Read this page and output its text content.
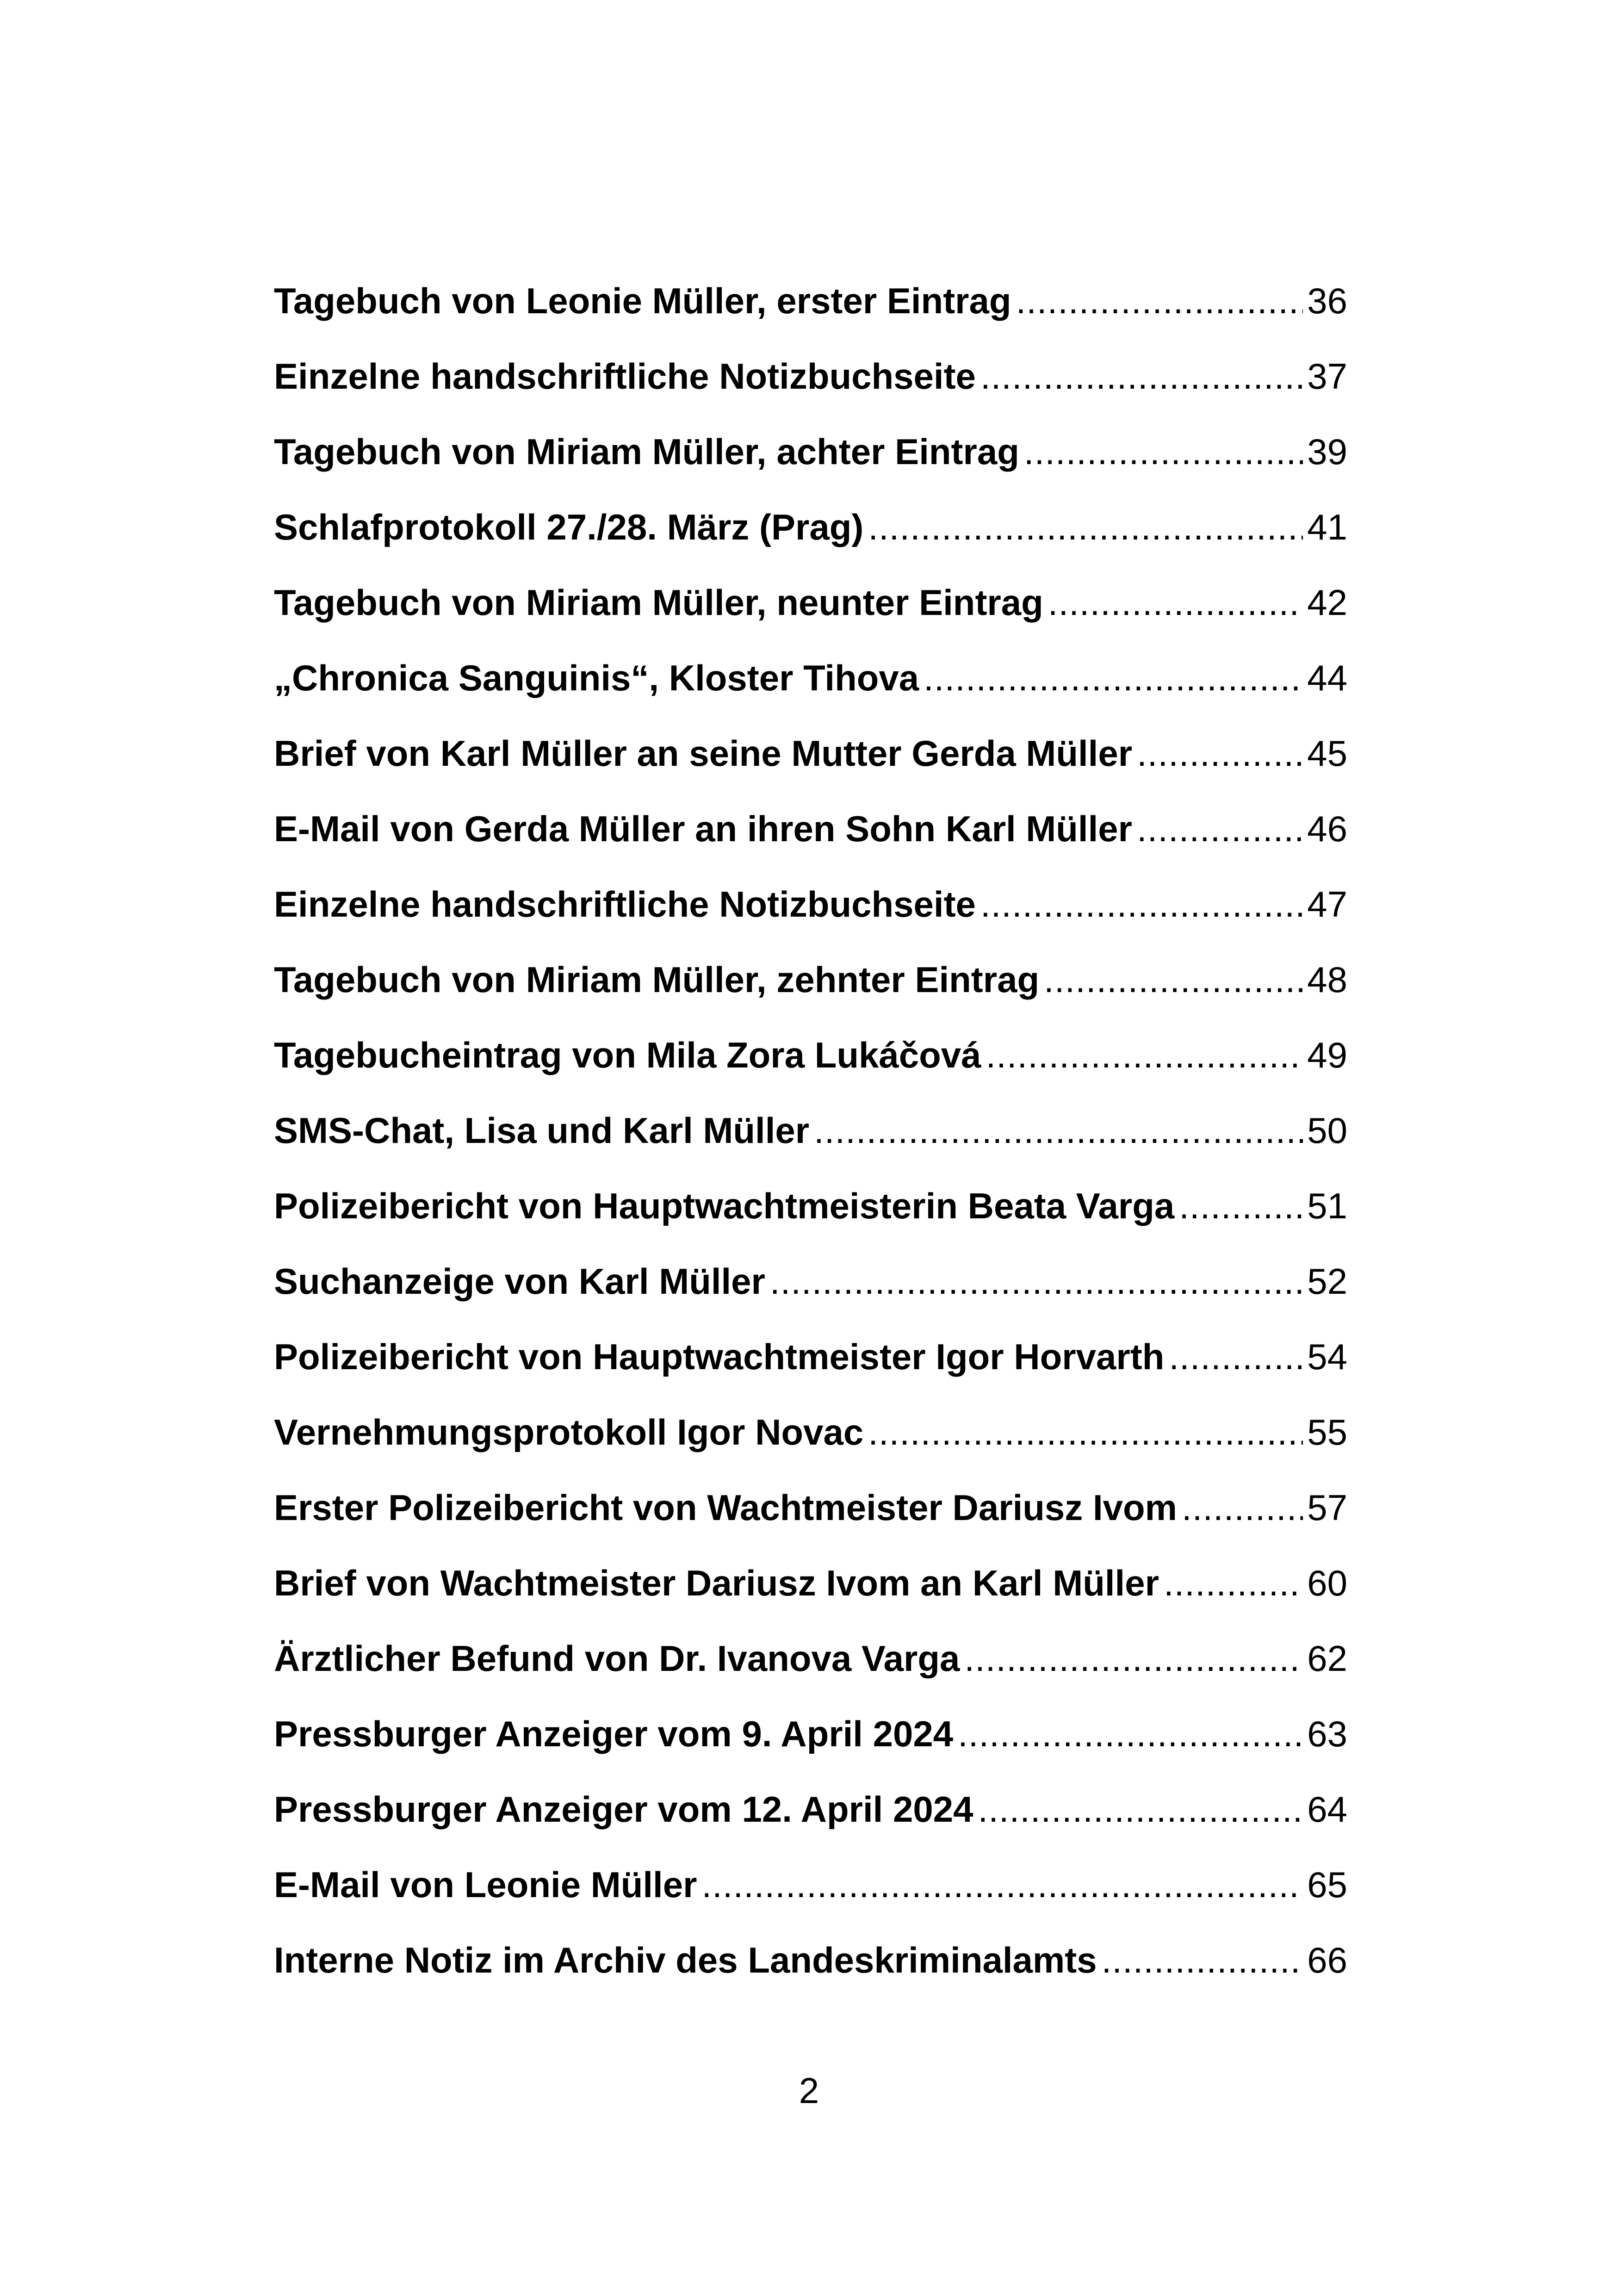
Tagebuch von Leonie Müller, erster Eintrag .....	36
Einzelne handschriftliche Notizbuchseite .....	37
Tagebuch von Miriam Müller, achter Eintrag .....	39
Schlafprotokoll 27./28. März (Prag) .....	41
Tagebuch von Miriam Müller, neunter Eintrag .....	42
„Chronica Sanguinis“, Kloster Tihova .....	44
Brief von Karl Müller an seine Mutter Gerda Müller .....	45
E-Mail von Gerda Müller an ihren Sohn Karl Müller .....	46
Einzelne handschriftliche Notizbuchseite .....	47
Tagebuch von Miriam Müller, zehnter Eintrag .....	48
Tagebucheintrag von Mila Zora Lukáčová .....	49
SMS-Chat, Lisa und Karl Müller .....	50
Polizeibericht von Hauptwachtmeisterin Beata Varga .....	51
Suchanzeige von Karl Müller .....	52
Polizeibericht von Hauptwachtmeister Igor Horvarth .....	54
Vernehmungsprotokoll Igor Novac .....	55
Erster Polizeibericht von Wachtmeister Dariusz Ivom .....	57
Brief von Wachtmeister Dariusz Ivom an Karl Müller .....	60
Ärztlicher Befund von Dr. Ivanova Varga .....	62
Pressburger Anzeiger vom 9. April 2024 .....	63
Pressburger Anzeiger vom 12. April 2024 .....	64
E-Mail von Leonie Müller .....	65
Interne Notiz im Archiv des Landeskriminalamts .....	66
2
